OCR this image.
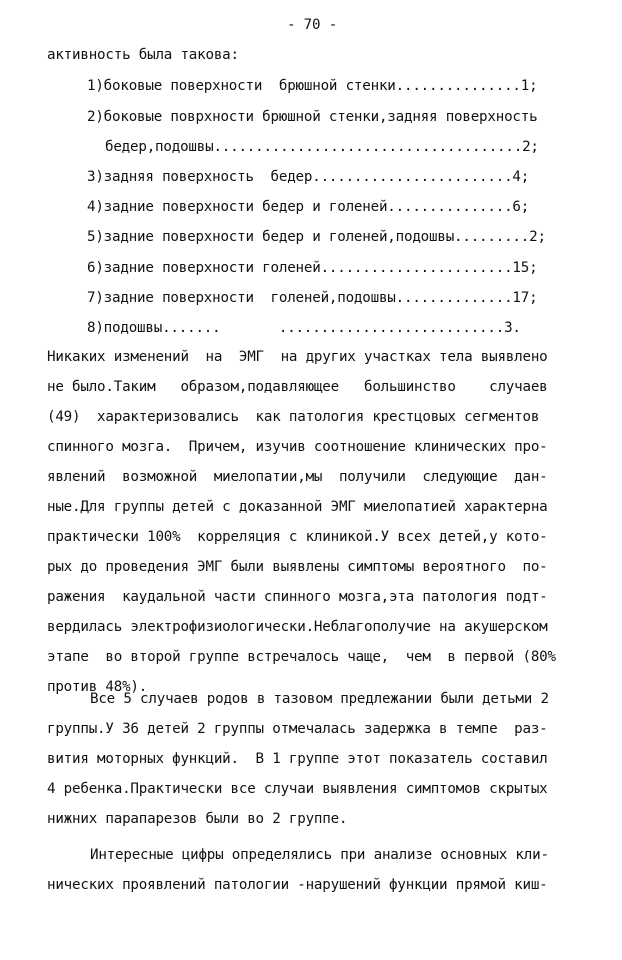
- 70 -
активность была такова:
1)боковые поверхности  брюшной стенки...............1;
2)боковые поврхности брюшной стенки,задняя поверхность
бедер,подошвы.....................................2;
3)задняя поверхность  бедер........................4;
4)задние поверхности бедер и голеней...............6;
5)задние поверхности бедер и голеней,подошвы.........2;
6)задние поверхности голеней.......................15;
7)задние поверхности  голеней,подошвы..............17;
8)подошвы.......       ...........................3.
Никаких изменений  на  ЭМГ  на других участках тела выявлено
не было.Таким   образом,подавляющее   большинство    случаев
(49)  характеризовались  как патология крестцовых сегментов
спинного мозга.  Причем, изучив соотношение клинических про-
явлений  возможной  миелопатии,мы  получили  следующие  дан-
ные.Для группы детей с доказанной ЭМГ миелопатией характерна
практически 100%  корреляция с клиникой.У всех детей,у кото-
рых до проведения ЭМГ были выявлены симптомы вероятного  по-
ражения  каудальной части спинного мозга,эта патология подт-
вердилась электрофизиологически.Неблагополучие на акушерском
этапе  во второй группе встречалось чаще,  чем  в первой (80%
против 48%).
Все 5 случаев родов в тазовом предлежании были детьми 2
группы.У 36 детей 2 группы отмечалась задержка в темпе  раз-
вития моторных функций.  В 1 группе этот показатель составил
4 ребенка.Практически все случаи выявления симптомов скрытых
нижних парапарезов были во 2 группе.
Интересные цифры определялись при анализе основных кли-
нических проявлений патологии -нарушений функции прямой киш-
